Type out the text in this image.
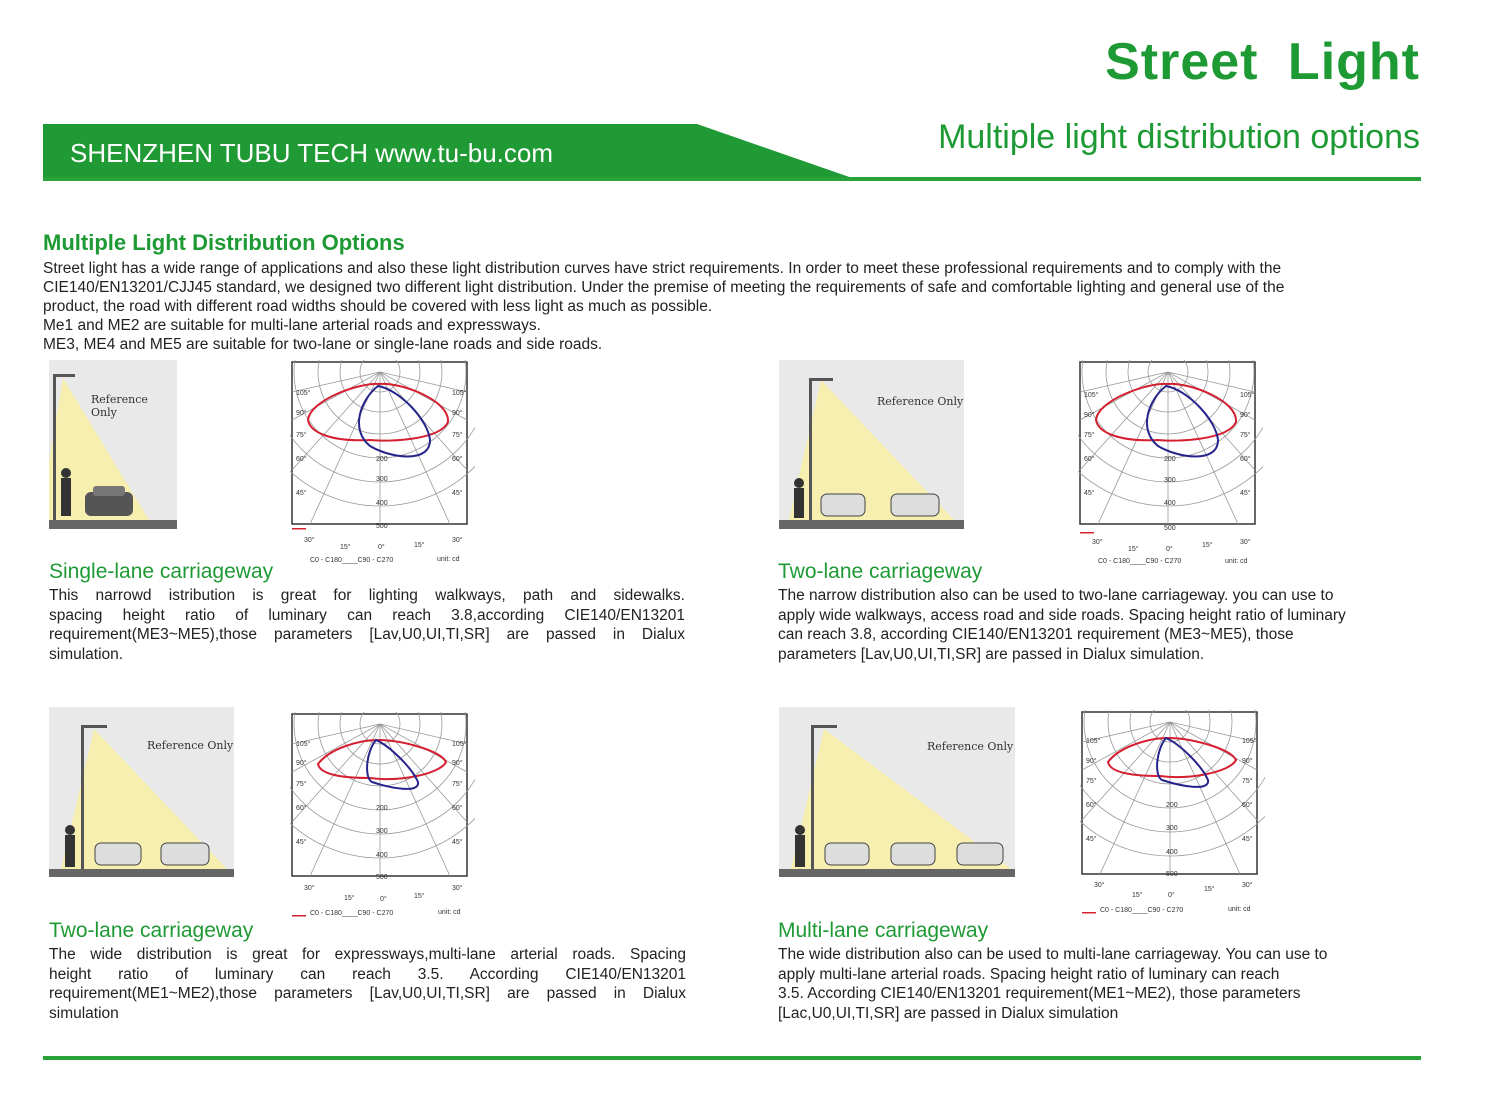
Street Light
SHENZHEN TUBU TECH www.tu-bu.com	Multiple light distribution options
Multiple Light Distribution Options
Street light has a wide range of applications and also these light distribution curves have strict requirements. In order to meet these professional requirements and to comply with the
CIE140/EN13201/CJJ45 standard, we designed two different light distribution. Under the premise of meeting the requirements of safe and comfortable lighting and general use of the
product, the road with different road widths should be covered with less light as much as possible.
Me1 and ME2 are suitable for multi-lane arterial roads and expressways.
ME3, ME4 and ME5 are suitable for two-lane or single-lane roads and side roads.
Reference Only
105°
90°
75°
60°
45°
105°
90°
75°
60°
45°
200
300
400
500
30°
15°	0°	15°
30°
C0 - C180____C90 - C270	unit: cd
Single-lane carriageway
This narrowd istribution is great for lighting walkways, path and sidewalks.
spacing height ratio of luminary can reach 3.8,according CIE140/EN13201
requirement(ME3~ME5),those parameters [Lav,U0,UI,TI,SR] are passed in Dialux
simulation.
Reference Only	105°
90°
75°
60°
45°
105°
90°
75°
60°
45°
200
300
400
500
30°
15°	0°
15°	30°
C0 - C180____C90 - C270	unit: cd
Two-lane carriageway
The narrow distribution also can be used to two-lane carriageway. you can use to
apply wide walkways, access road and side roads. Spacing height ratio of luminary
can reach 3.8, according CIE140/EN13201 requirement (ME3~ME5), those
parameters [Lav,U0,UI,TI,SR] are passed in Dialux simulation.
Reference Only	105°
90°
75°
60°
45°
105°
90°
75°
60°
45°
200
300
400
500
30°
15°	0°	15°
30°
C0 - C180____C90 - C270	unit: cd
Two-lane carriageway
The wide distribution is great for expressways,multi-lane arterial roads. Spacing
height ratio of luminary can reach 3.5. According CIE140/EN13201
requirement(ME1~ME2),those parameters [Lav,U0,UI,TI,SR] are passed in Dialux
simulation
Reference Only	105°
90°
75°
60°
45°
105°
90°
75°
60°
45°
200
300
400
500
30°
15°	0°
15°
30°
C0 - C180____C90 - C270	unit: cd
Multi-lane carriageway
The wide distribution also can be used to multi-lane carriageway. You can use to
apply multi-lane arterial roads. Spacing height ratio of luminary can reach
3.5. According CIE140/EN13201 requirement(ME1~ME2), those parameters
[Lac,U0,UI,TI,SR] are passed in Dialux simulation
